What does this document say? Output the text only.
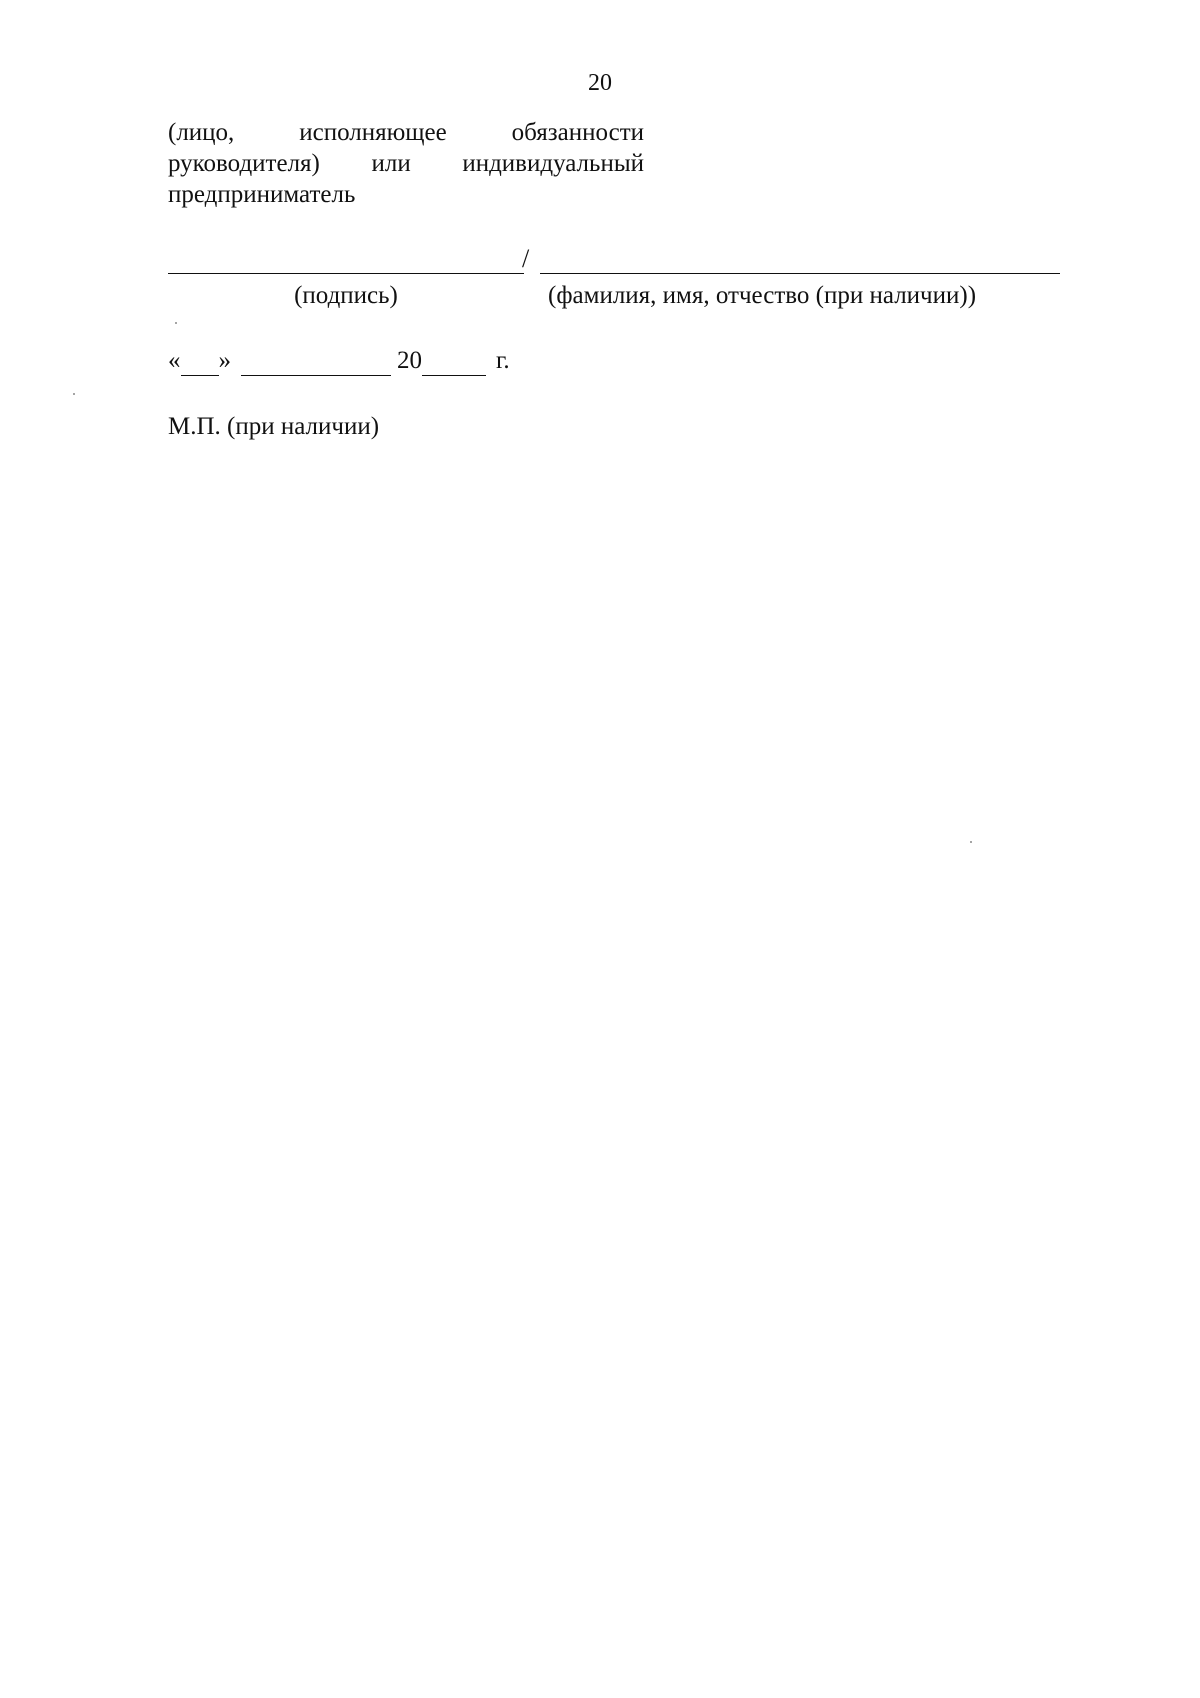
20
(лицо, исполняющее обязанности руководителя) или индивидуальный предприниматель
/
(подпись)	(фамилия, имя, отчество (при наличии))
« »	20	г.
М.П. (при наличии)
